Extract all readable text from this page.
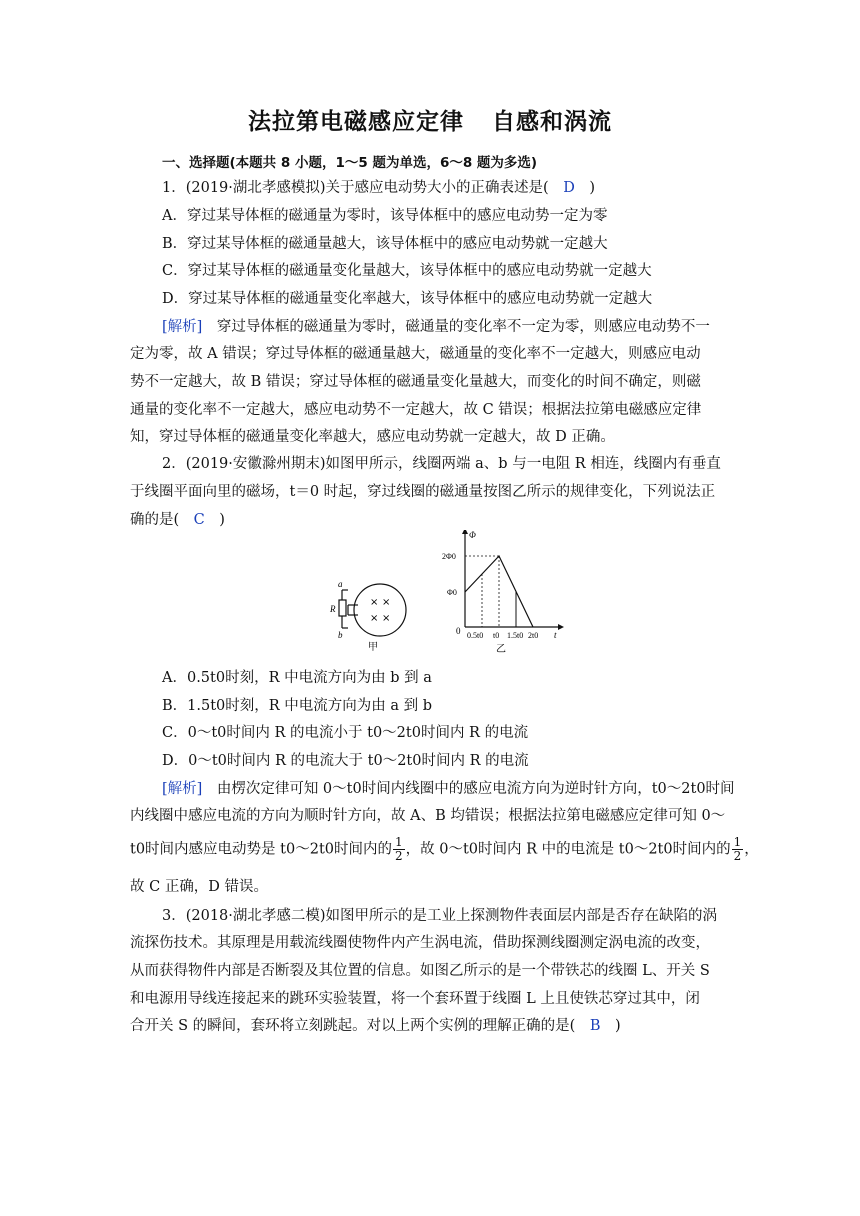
法拉第电磁感应定律 自感和涡流
一、选择题(本题共 8 小题，1～5 题为单选，6～8 题为多选)
1．(2019·湖北孝感模拟)关于感应电动势大小的正确表述是(　D　)
A．穿过某导体框的磁通量为零时，该导体框中的感应电动势一定为零
B．穿过某导体框的磁通量越大，该导体框中的感应电动势就一定越大
C．穿过某导体框的磁通量变化量越大，该导体框中的感应电动势就一定越大
D．穿过某导体框的磁通量变化率越大，该导体框中的感应电动势就一定越大
[解析]　穿过导体框的磁通量为零时，磁通量的变化率不一定为零，则感应电动势不一
定为零，故 A 错误；穿过导体框的磁通量越大，磁通量的变化率不一定越大，则感应电动
势不一定越大，故 B 错误；穿过导体框的磁通量变化量越大，而变化的时间不确定，则磁
通量的变化率不一定越大，感应电动势不一定越大，故 C 错误；根据法拉第电磁感应定律
知，穿过导体框的磁通量变化率越大，感应电动势就一定越大，故 D 正确。
2．(2019·安徽滁州期末)如图甲所示，线圈两端 a、b 与一电阻 R 相连，线圈内有垂直
于线圈平面向里的磁场，t＝0 时起，穿过线圈的磁通量按图乙所示的规律变化，下列说法正
确的是(　C　)
× ×
× ×
a
R
b
甲
Φ
2Φ0
Φ0
0 0.5t0 t0 1.5t0 2t0 t
乙
A．0.5t0时刻，R 中电流方向为由 b 到 a
B．1.5t0时刻，R 中电流方向为由 a 到 b
C．0～t0时间内 R 的电流小于 t0～2t0时间内 R 的电流
D．0～t0时间内 R 的电流大于 t0～2t0时间内 R 的电流
[解析]　由楞次定律可知 0～t0时间内线圈中的感应电流方向为逆时针方向，t0～2t0时间
内线圈中感应电流的方向为顺时针方向，故 A、B 均错误；根据法拉第电磁感应定律可知 0～
t0时间内感应电动势是 t0～2t0时间内的 $\frac{1}{2}$ ，故 0～t0时间内 R 中的电流是 t0～2t0时间内的 $\frac{1}{2}$ ，
故 C 正确，D 错误。
3．(2018·湖北孝感二模)如图甲所示的是工业上探测物件表面层内部是否存在缺陷的涡
流探伤技术。其原理是用载流线圈使物件内产生涡电流，借助探测线圈测定涡电流的改变，
从而获得物件内部是否断裂及其位置的信息。如图乙所示的是一个带铁芯的线圈 L、开关 S
和电源用导线连接起来的跳环实验装置，将一个套环置于线圈 L 上且使铁芯穿过其中，闭
合开关 S 的瞬间，套环将立刻跳起。对以上两个实例的理解正确的是(　B　)
